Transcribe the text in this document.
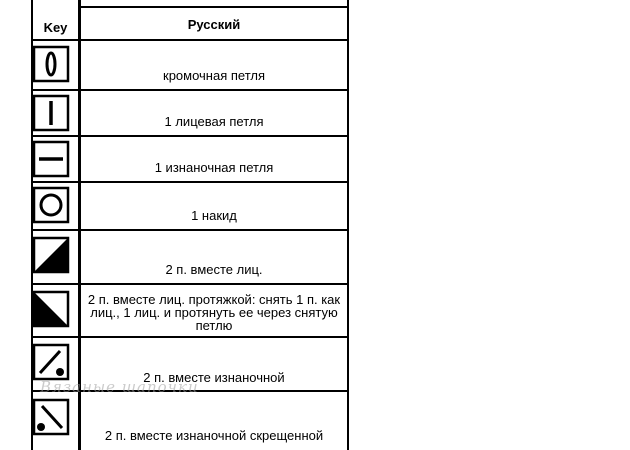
Key	Русский
кромочная петля
1 лицевая петля
1 изнаночная петля
1 накид
2 п. вместе лиц.
2 п. вместе лиц. протяжкой: снять 1 п. как лиц., 1 лиц. и протянуть ее через снятую петлю
2 п. вместе изнаночной
2 п. вместе изнаночной скрещенной
Вязаные шапочки
